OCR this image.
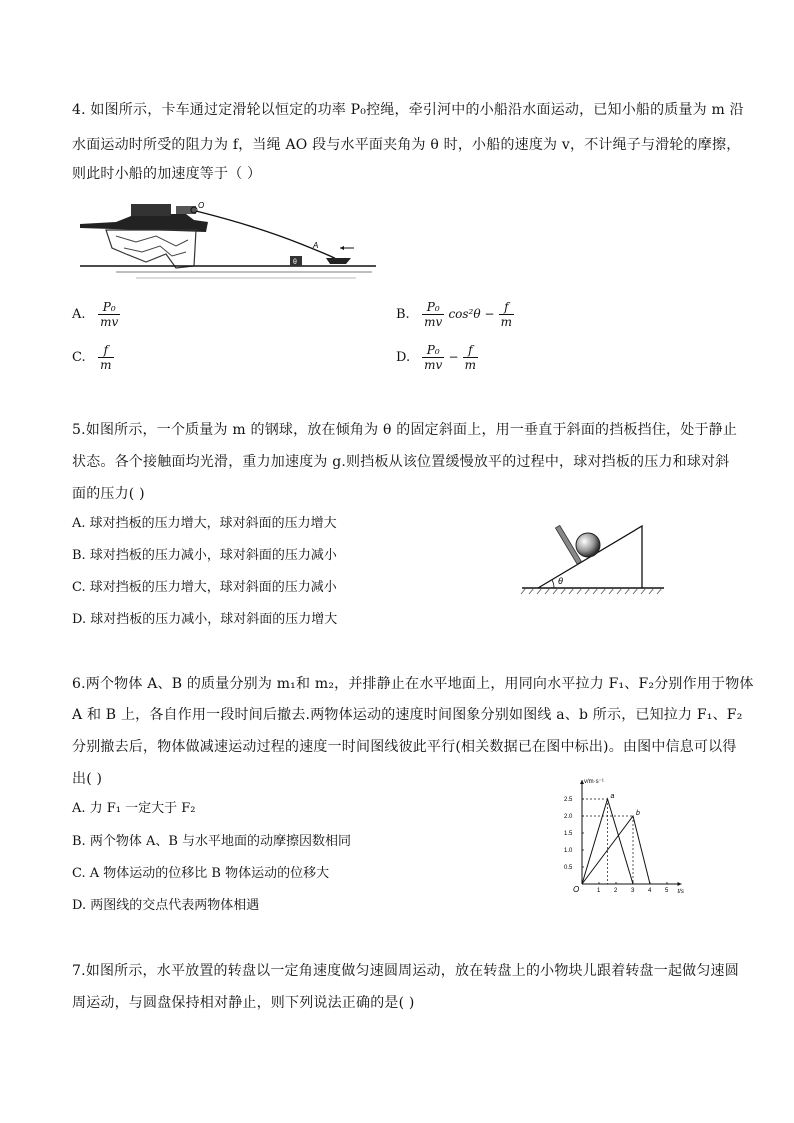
4. 如图所示，卡车通过定滑轮以恒定的功率 P₀控绳，牵引河中的小船沿水面运动，已知小船的质量为 m 沿
水面运动时所受的阻力为 f，当绳 AO 段与水平面夹角为 θ 时，小船的速度为 v，不计绳子与滑轮的摩擦，
则此时小船的加速度等于（ ）
O
A
θ
A. $\frac{\text{P₀}}{mv}$	B. $\frac{\text{P₀}}{mv} \cos^2\theta - \frac{f}{m}$
C. $\frac{f}{m}$	D. $\frac{\text{P₀}}{mv} - \frac{f}{m}$
5.如图所示，一个质量为 m 的钢球，放在倾角为 θ 的固定斜面上，用一垂直于斜面的挡板挡住，处于静止
状态。各个接触面均光滑，重力加速度为 g.则挡板从该位置缓慢放平的过程中，球对挡板的压力和球对斜
面的压力( )
A. 球对挡板的压力增大，球对斜面的压力增大
B. 球对挡板的压力减小，球对斜面的压力减小
C. 球对挡板的压力增大，球对斜面的压力减小
D. 球对挡板的压力减小，球对斜面的压力增大
θ
6.两个物体 A、B 的质量分别为 m₁和 m₂，并排静止在水平地面上，用同向水平拉力 F₁、F₂分别作用于物体
A 和 B 上，各自作用一段时间后撤去.两物体运动的速度时间图象分别如图线 a、b 所示，已知拉力 F₁、F₂
分别撤去后，物体做减速运动过程的速度一时间图线彼此平行(相关数据已在图中标出)。由图中信息可以得
出( )
A. 力 F₁ 一定大于 F₂
B. 两个物体 A、B 与水平地面的动摩擦因数相同
C. A 物体运动的位移比 B 物体运动的位移大
D. 两图线的交点代表两物体相遇
v/m·s⁻¹
t/s
O	1 2 3 4 5
0.5
1.0
1.5
2.0
2.5	a
b
7.如图所示，水平放置的转盘以一定角速度做匀速圆周运动，放在转盘上的小物块儿跟着转盘一起做匀速圆
周运动，与圆盘保持相对静止，则下列说法正确的是( )
